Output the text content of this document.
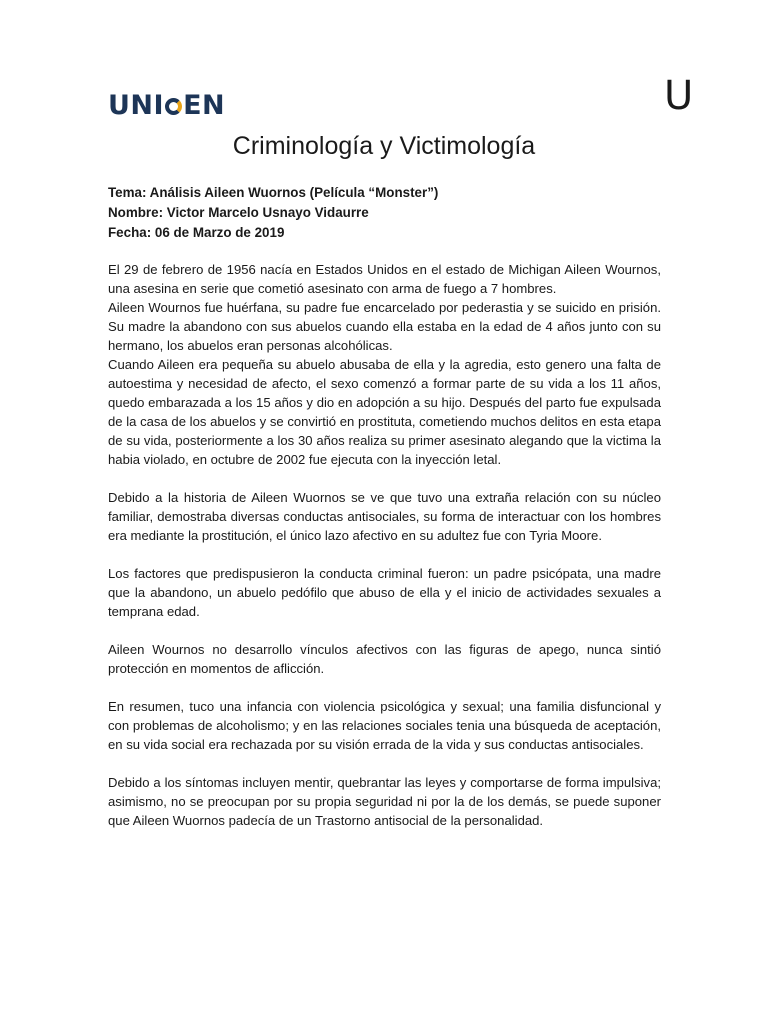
UNI EN	U
Criminología y Victimología
Tema: Análisis Aileen Wuornos (Película “Monster”)
Nombre: Victor Marcelo Usnayo Vidaurre
Fecha: 06 de Marzo de 2019

El 29 de febrero de 1956 nacía en Estados Unidos en el estado de Michigan Aileen Wournos, una asesina en serie que cometió asesinato con arma de fuego a 7 hombres.

Aileen Wournos fue huérfana, su padre fue encarcelado por pederastia y se suicido en prisión. Su madre la abandono con sus abuelos cuando ella estaba en la edad de 4 años junto con su hermano, los abuelos eran personas alcohólicas.

Cuando Aileen era pequeña su abuelo abusaba de ella y la agredia, esto genero una falta de autoestima y necesidad de afecto, el sexo comenzó a formar parte de su vida a los 11 años, quedo embarazada a los 15 años y dio en adopción a su hijo. Después del parto fue expulsada de la casa de los abuelos y se convirtió en prostituta, cometiendo muchos delitos en esta etapa de su vida, posteriormente a los 30 años realiza su primer asesinato alegando que la victima la habia violado, en octubre de 2002 fue ejecuta con la inyección letal.

Debido a la historia de Aileen Wuornos se ve que tuvo una extraña relación con su núcleo familiar, demostraba diversas conductas antisociales, su forma de interactuar con los hombres era mediante la prostitución, el único lazo afectivo en su adultez fue con Tyria Moore.

Los factores que predispusieron la conducta criminal fueron: un padre psicópata, una madre que la abandono, un abuelo pedófilo que abuso de ella y el inicio de actividades sexuales a temprana edad.

Aileen Wournos no desarrollo vínculos afectivos con las figuras de apego, nunca sintió protección en momentos de aflicción.

En resumen, tuco una infancia con violencia psicológica y sexual; una familia disfuncional y con problemas de alcoholismo; y en las relaciones sociales tenia una búsqueda de aceptación, en su vida social era rechazada por su visión errada de la vida y sus conductas antisociales.

Debido a los síntomas incluyen mentir, quebrantar las leyes y comportarse de forma impulsiva; asimismo, no se preocupan por su propia seguridad ni por la de los demás, se puede suponer que Aileen Wuornos padecía de un Trastorno antisocial de la personalidad.
